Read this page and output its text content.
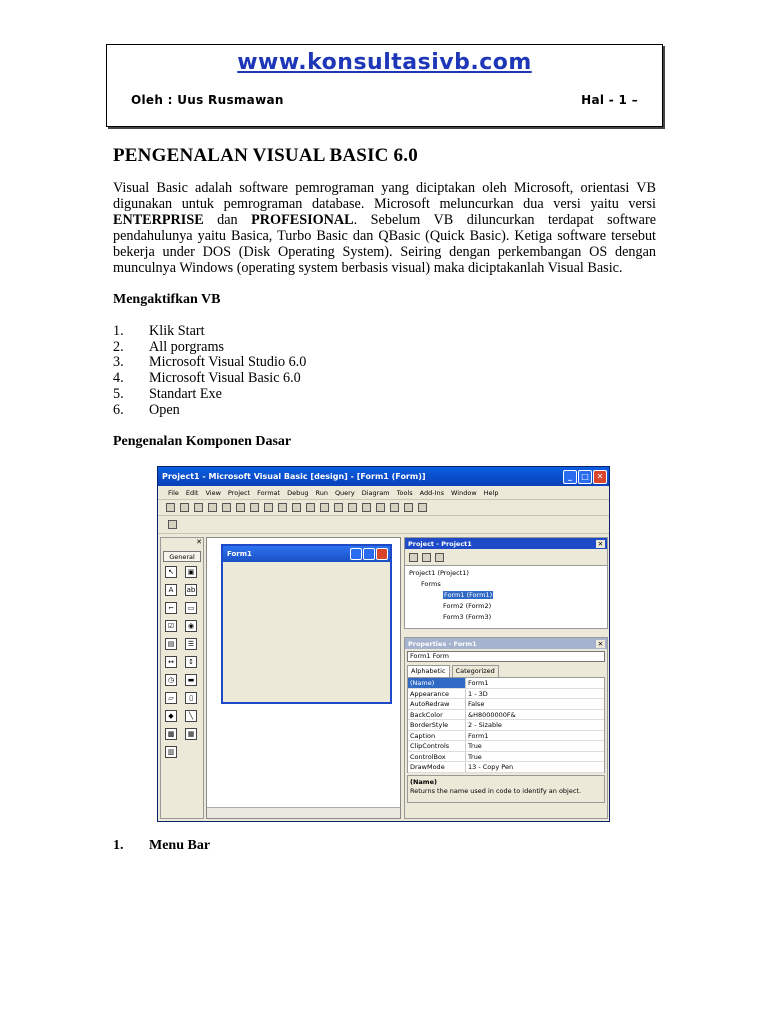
www.konsultasivb.com
Oleh : Uus Rusmawan	Hal - 1 –
PENGENALAN VISUAL BASIC 6.0

Visual Basic adalah software pemrograman yang diciptakan oleh Microsoft, orientasi VB digunakan untuk pemrograman database. Microsoft meluncurkan dua versi yaitu versi ENTERPRISE dan PROFESIONAL. Sebelum VB diluncurkan terdapat software pendahulunya yaitu Basica, Turbo Basic dan QBasic (Quick Basic). Ketiga software tersebut bekerja under DOS (Disk Operating System). Seiring dengan perkembangan OS dengan munculnya Windows (operating system berbasis visual) maka diciptakanlah Visual Basic.

Mengaktifkan VB
1.	Klik Start
2.	All porgrams
3.	Microsoft Visual Studio 6.0
4.	Microsoft Visual Basic 6.0
5.	Standart Exe
6.	Open
Pengenalan Komponen Dasar
Project1 - Microsoft Visual Basic [design] - [Form1 (Form)]	_	□ ✕
File Edit View Project Format Debug Run Query Diagram Tools Add-Ins Window Help
✕
General
↖	▣
A	ab
⌐	▭
☑	◉
▤	☰
↔	↕
◷	▬
▱	▯
◆	╲
▩	▦
▥
Form1
Project - Project1	✕
Project1 (Project1)
Forms
Form1 (Form1)
Form2 (Form2)
Form3 (Form3)
Properties - Form1	✕
Form1 Form
Alphabetic	Categorized
(Name)	Form1
Appearance	1 - 3D
AutoRedraw	False
BackColor	&H8000000F&
BorderStyle	2 - Sizable
Caption	Form1
ClipControls	True
ControlBox	True
DrawMode	13 - Copy Pen
(Name)
Returns the name used in code to identify an object.
1.	Menu Bar
